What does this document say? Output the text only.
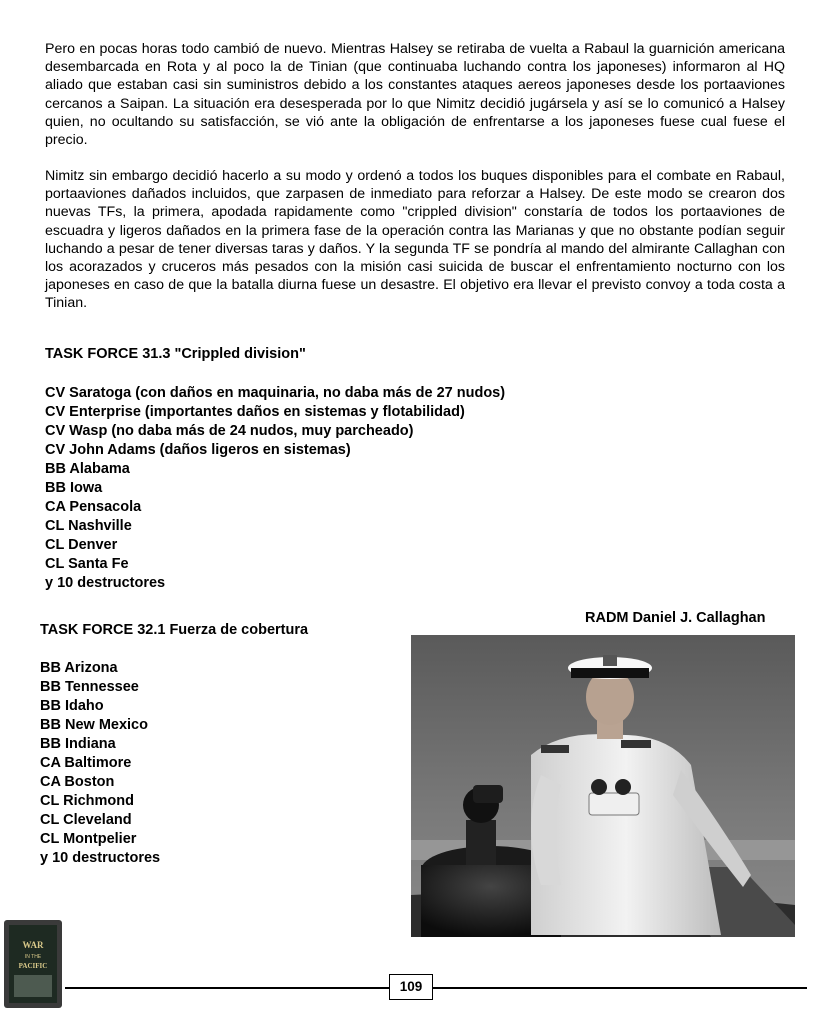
Pero en pocas horas todo cambió de nuevo. Mientras Halsey se retiraba de vuelta a Rabaul la guarnición americana desembarcada en Rota y al poco la de Tinian (que continuaba luchando contra los japoneses) informaron al HQ aliado que estaban casi sin suministros debido a los constantes ataques aereos japoneses desde los portaaviones cercanos a Saipan. La situación era desesperada por lo que Nimitz decidió jugársela y así se lo comunicó a Halsey quien, no ocultando su satisfacción, se vió ante la obligación de enfrentarse a los japoneses fuese cual fuese el precio.

Nimitz sin embargo decidió hacerlo a su modo y ordenó a todos los buques disponibles para el combate en Rabaul, portaaviones dañados incluidos, que zarpasen de inmediato para reforzar a Halsey. De este modo se crearon dos nuevas TFs, la primera, apodada rapidamente como "crippled division" constaría de todos los portaaviones de escuadra y ligeros dañados en la primera fase de la operación contra las Marianas y que no obstante podían seguir luchando a pesar de tener diversas taras y daños. Y la segunda TF se pondría al mando del almirante Callaghan con los acorazados y cruceros más pesados con la misión casi suicida de buscar el enfrentamiento nocturno con los japoneses en caso de que la batalla diurna fuese un desastre. El objetivo era llevar el previsto convoy a toda costa a Tinian.

TASK FORCE 31.3 "Crippled division"
CV Saratoga (con daños en maquinaria, no daba más de 27 nudos)
CV Enterprise (importantes daños en sistemas y flotabilidad)
CV Wasp (no daba más de 24 nudos, muy parcheado)
CV John Adams (daños ligeros en sistemas)
BB Alabama
BB Iowa
CA Pensacola
CL Nashville
CL Denver
CL Santa Fe
y 10 destructores

RADM Daniel J. Callaghan

TASK FORCE 32.1 Fuerza de cobertura
BB Arizona
BB Tennessee
BB Idaho
BB New Mexico
BB Indiana
CA Baltimore
CA Boston
CL Richmond
CL Cleveland
CL Montpelier
y 10 destructores
WAR
IN THE
PACIFIC
109
